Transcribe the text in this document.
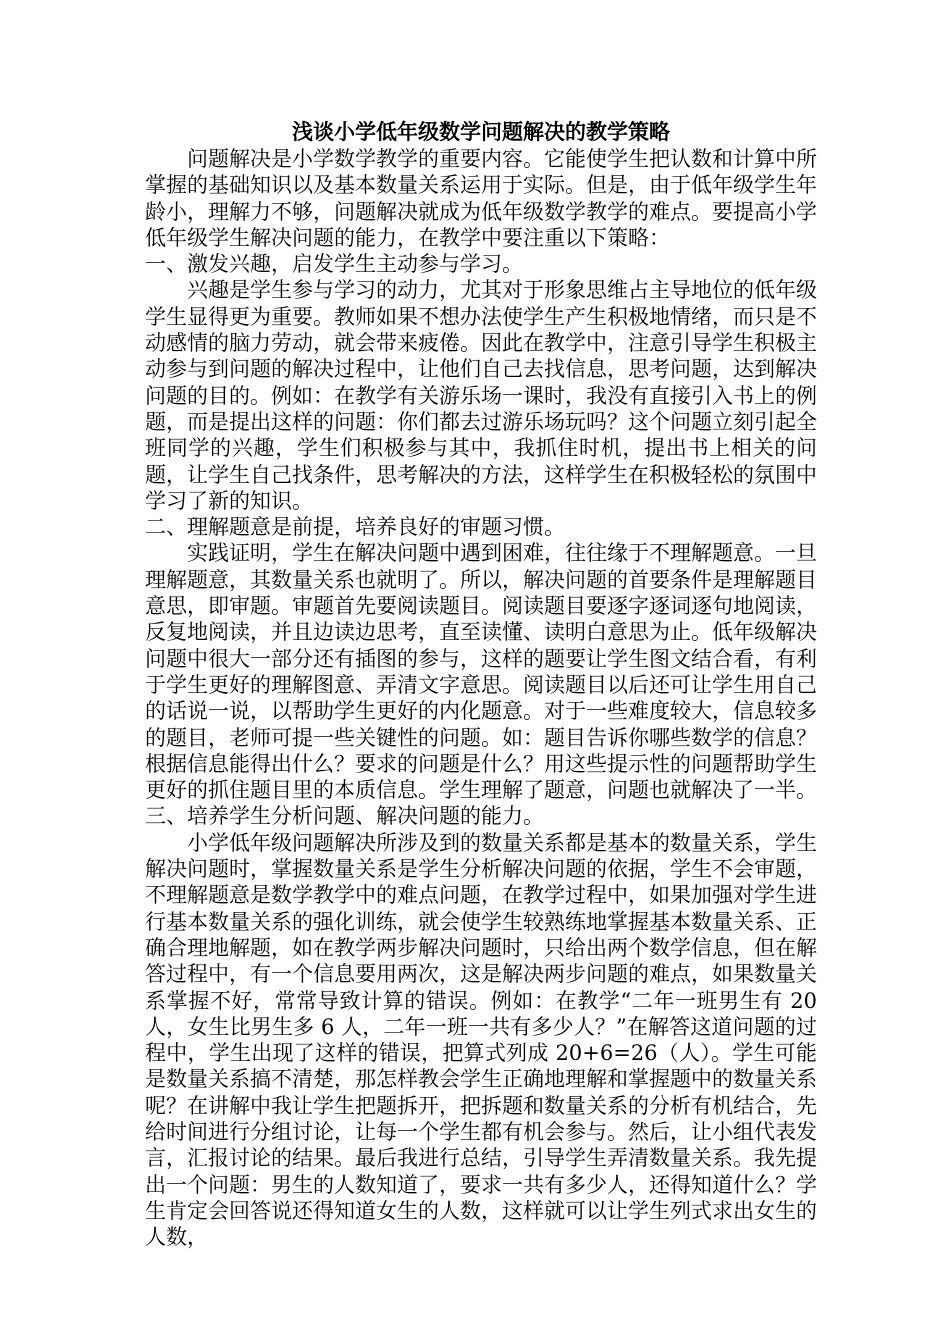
浅谈小学低年级数学问题解决的教学策略

问题解决是小学数学教学的重要内容。它能使学生把认数和计算中所掌握的基础知识以及基本数量关系运用于实际。但是，由于低年级学生年龄小，理解力不够，问题解决就成为低年级数学教学的难点。要提高小学低年级学生解决问题的能力，在教学中要注重以下策略：

一、激发兴趣，启发学生主动参与学习。

兴趣是学生参与学习的动力，尤其对于形象思维占主导地位的低年级学生显得更为重要。教师如果不想办法使学生产生积极地情绪，而只是不动感情的脑力劳动，就会带来疲倦。因此在教学中，注意引导学生积极主动参与到问题的解决过程中，让他们自己去找信息，思考问题，达到解决问题的目的。例如：在教学有关游乐场一课时，我没有直接引入书上的例题，而是提出这样的问题：你们都去过游乐场玩吗？这个问题立刻引起全班同学的兴趣，学生们积极参与其中，我抓住时机，提出书上相关的问题，让学生自己找条件，思考解决的方法，这样学生在积极轻松的氛围中学习了新的知识。

二、理解题意是前提，培养良好的审题习惯。

实践证明，学生在解决问题中遇到困难，往往缘于不理解题意。一旦理解题意，其数量关系也就明了。所以，解决问题的首要条件是理解题目意思，即审题。审题首先要阅读题目。阅读题目要逐字逐词逐句地阅读，反复地阅读，并且边读边思考，直至读懂、读明白意思为止。低年级解决问题中很大一部分还有插图的参与，这样的题要让学生图文结合看，有利于学生更好的理解图意、弄清文字意思。阅读题目以后还可让学生用自己的话说一说，以帮助学生更好的内化题意。对于一些难度较大，信息较多的题目，老师可提一些关键性的问题。如：题目告诉你哪些数学的信息？根据信息能得出什么？要求的问题是什么？用这些提示性的问题帮助学生更好的抓住题目里的本质信息。学生理解了题意，问题也就解决了一半。

三、培养学生分析问题、解决问题的能力。

小学低年级问题解决所涉及到的数量关系都是基本的数量关系，学生解决问题时，掌握数量关系是学生分析解决问题的依据，学生不会审题，不理解题意是数学教学中的难点问题，在教学过程中，如果加强对学生进行基本数量关系的强化训练，就会使学生较熟练地掌握基本数量关系、正确合理地解题，如在教学两步解决问题时，只给出两个数学信息，但在解答过程中，有一个信息要用两次，这是解决两步问题的难点，如果数量关系掌握不好，常常导致计算的错误。例如：在教学“二年一班男生有 20 人，女生比男生多 6 人，二年一班一共有多少人？”在解答这道问题的过程中，学生出现了这样的错误，把算式列成 20+6=26（人）。学生可能是数量关系搞不清楚，那怎样教会学生正确地理解和掌握题中的数量关系呢？在讲解中我让学生把题拆开，把拆题和数量关系的分析有机结合，先给时间进行分组讨论，让每一个学生都有机会参与。然后，让小组代表发言，汇报讨论的结果。最后我进行总结，引导学生弄清数量关系。我先提出一个问题：男生的人数知道了，要求一共有多少人，还得知道什么？学生肯定会回答说还得知道女生的人数，这样就可以让学生列式求出女生的人数，
